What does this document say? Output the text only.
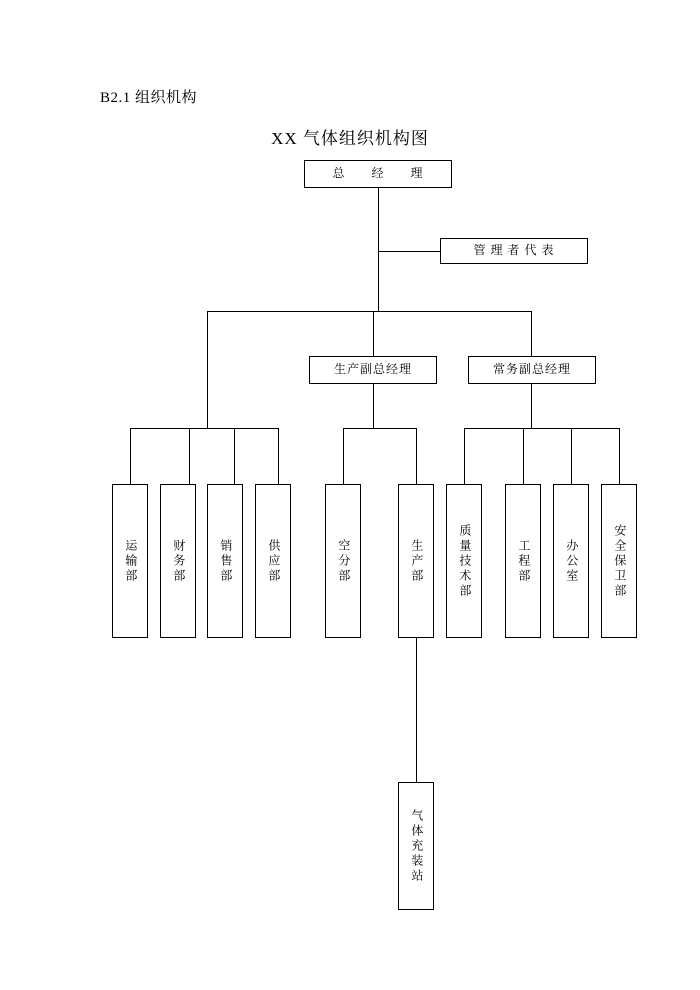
B2.1 组织机构
XX 气体组织机构图
总　　经　　理
管 理 者 代 表
生产副总经理	常务副总经理
运输部	财务部	销售部	供应部	空分部	生产部	质量技术部	工程部	办公室	安全保卫部
气体充装站
